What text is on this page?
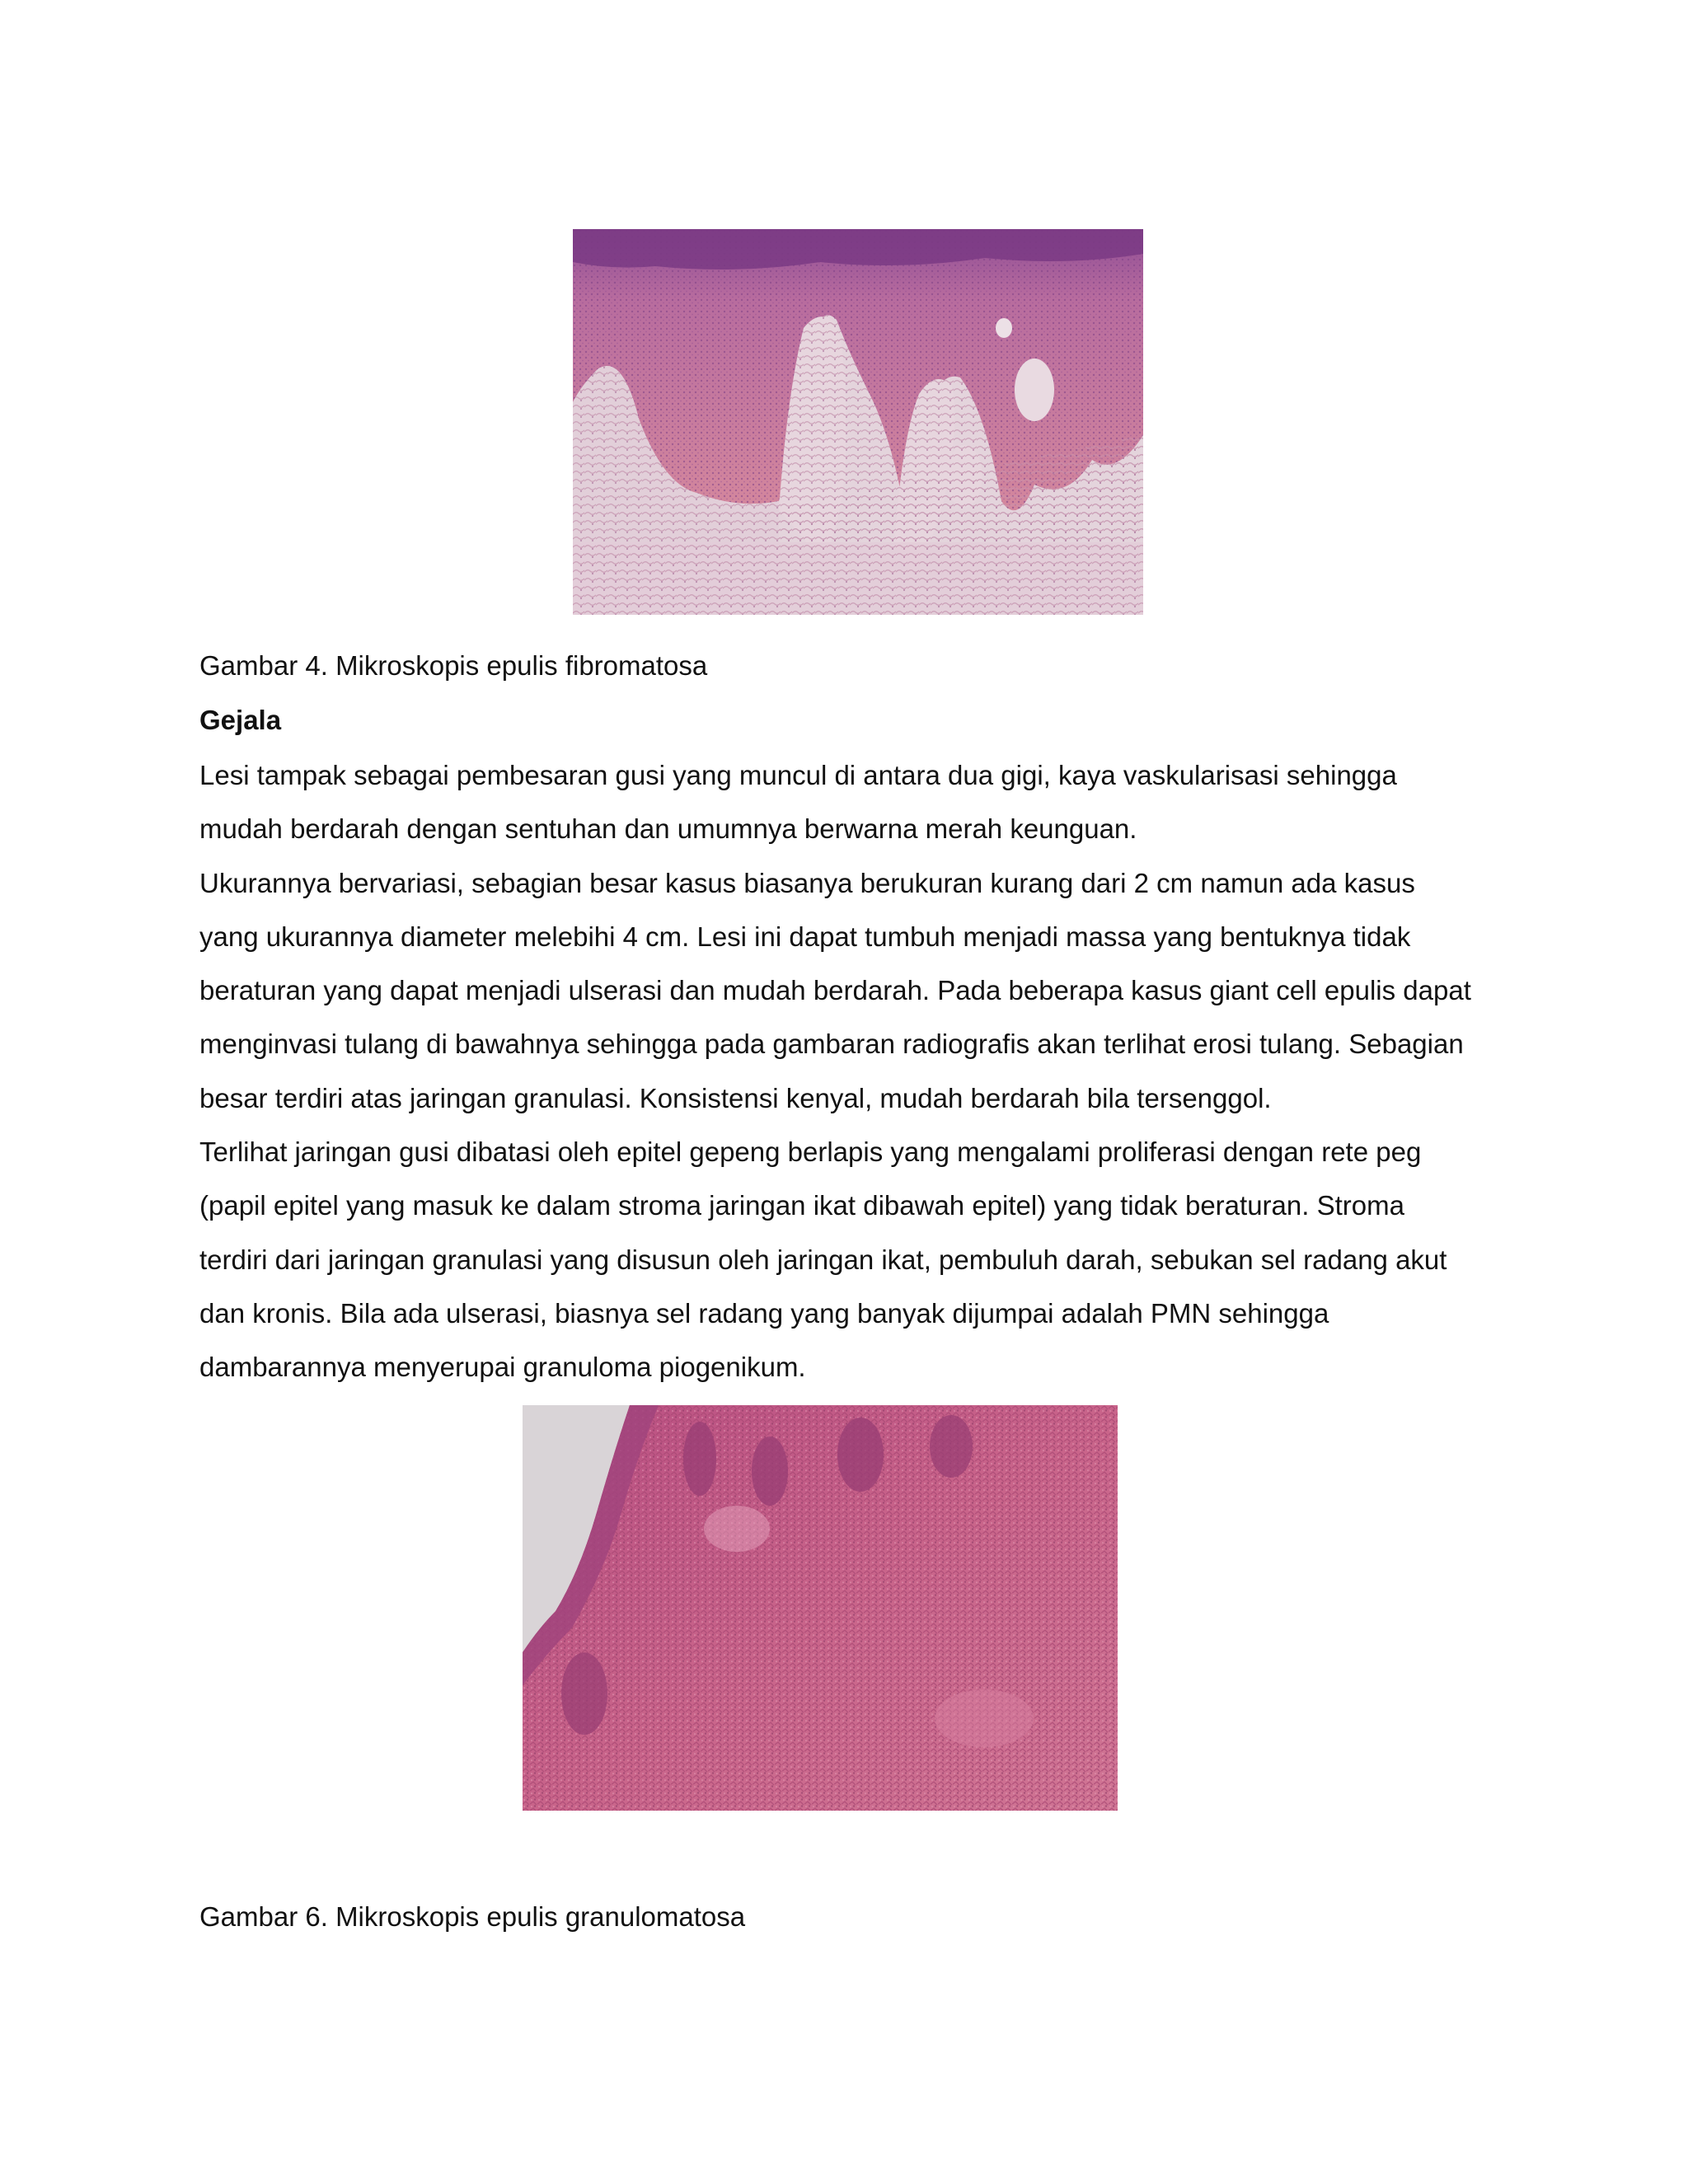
Gambar 4. Mikroskopis epulis fibromatosa

Gejala

Lesi tampak sebagai pembesaran gusi yang muncul di antara dua gigi, kaya vaskularisasi sehingga
mudah berdarah dengan sentuhan dan umumnya berwarna merah keunguan.
Ukurannya bervariasi, sebagian besar kasus biasanya berukuran kurang dari 2 cm namun ada kasus
yang ukurannya diameter melebihi 4 cm. Lesi ini dapat tumbuh menjadi massa yang bentuknya tidak
beraturan yang dapat menjadi ulserasi dan mudah berdarah. Pada beberapa kasus giant cell epulis dapat
menginvasi tulang di bawahnya sehingga pada gambaran radiografis akan terlihat erosi tulang. Sebagian
besar terdiri atas jaringan granulasi. Konsistensi kenyal, mudah berdarah bila tersenggol.
Terlihat jaringan gusi dibatasi oleh epitel gepeng berlapis yang mengalami proliferasi dengan rete peg
(papil epitel yang masuk ke dalam stroma jaringan ikat dibawah epitel) yang tidak beraturan. Stroma
terdiri dari jaringan granulasi yang disusun oleh jaringan ikat, pembuluh darah, sebukan sel radang akut
dan kronis. Bila ada ulserasi, biasnya sel radang yang banyak dijumpai adalah PMN sehingga
dambarannya menyerupai granuloma piogenikum.

Gambar 6. Mikroskopis epulis granulomatosa
